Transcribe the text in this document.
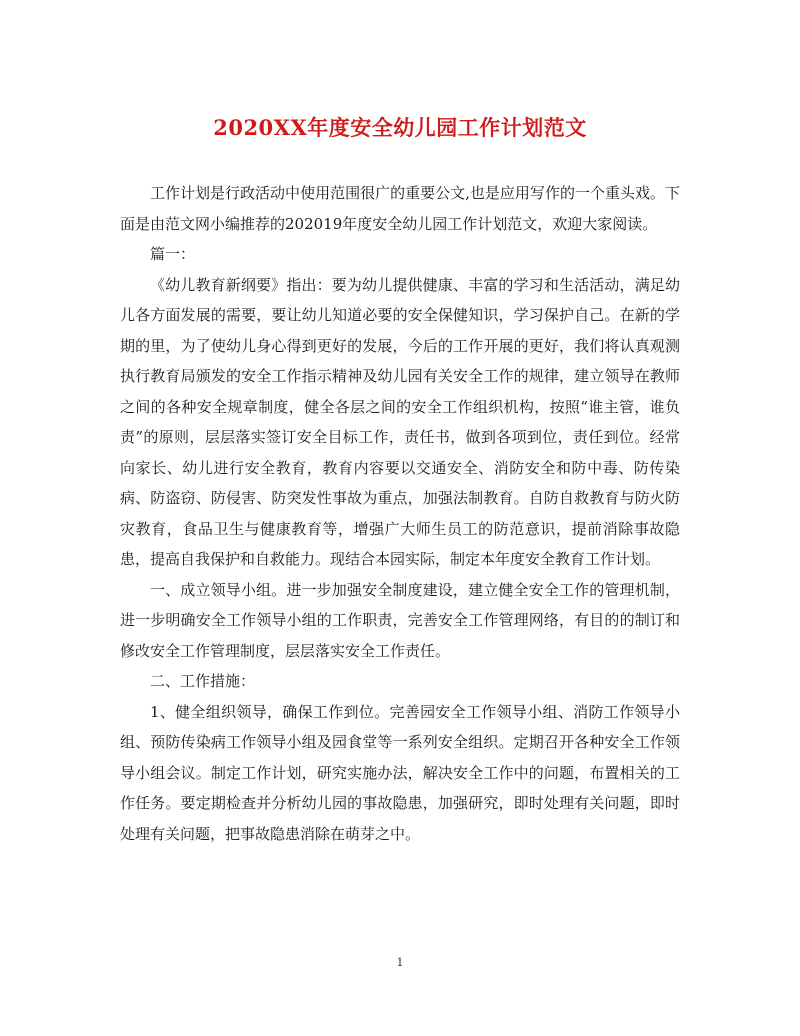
2020XX年度安全幼儿园工作计划范文

工作计划是行政活动中使用范围很广的重要公文,也是应用写作的一个重头戏。下面是由范文网小编推荐的202019年度安全幼儿园工作计划范文，欢迎大家阅读。

篇一：

《幼儿教育新纲要》指出：要为幼儿提供健康、丰富的学习和生活活动，满足幼儿各方面发展的需要，要让幼儿知道必要的安全保健知识，学习保护自己。在新的学期的里，为了使幼儿身心得到更好的发展，今后的工作开展的更好，我们将认真观测执行教育局颁发的安全工作指示精神及幼儿园有关安全工作的规律，建立领导在教师之间的各种安全规章制度，健全各层之间的安全工作组织机构，按照“谁主管，谁负责”的原则，层层落实签订安全目标工作，责任书，做到各项到位，责任到位。经常向家长、幼儿进行安全教育，教育内容要以交通安全、消防安全和防中毒、防传染病、防盗窃、防侵害、防突发性事故为重点，加强法制教育。自防自救教育与防火防灾教育，食品卫生与健康教育等，增强广大师生员工的防范意识，提前消除事故隐患，提高自我保护和自救能力。现结合本园实际，制定本年度安全教育工作计划。

一、成立领导小组。进一步加强安全制度建设，建立健全安全工作的管理机制，进一步明确安全工作领导小组的工作职责，完善安全工作管理网络，有目的的制订和修改安全工作管理制度，层层落实安全工作责任。

二、工作措施：

1、健全组织领导，确保工作到位。完善园安全工作领导小组、消防工作领导小组、预防传染病工作领导小组及园食堂等一系列安全组织。定期召开各种安全工作领导小组会议。制定工作计划，研究实施办法，解决安全工作中的问题，布置相关的工作任务。要定期检查并分析幼儿园的事故隐患，加强研究，即时处理有关问题，即时处理有关问题，把事故隐患消除在萌芽之中。

1
